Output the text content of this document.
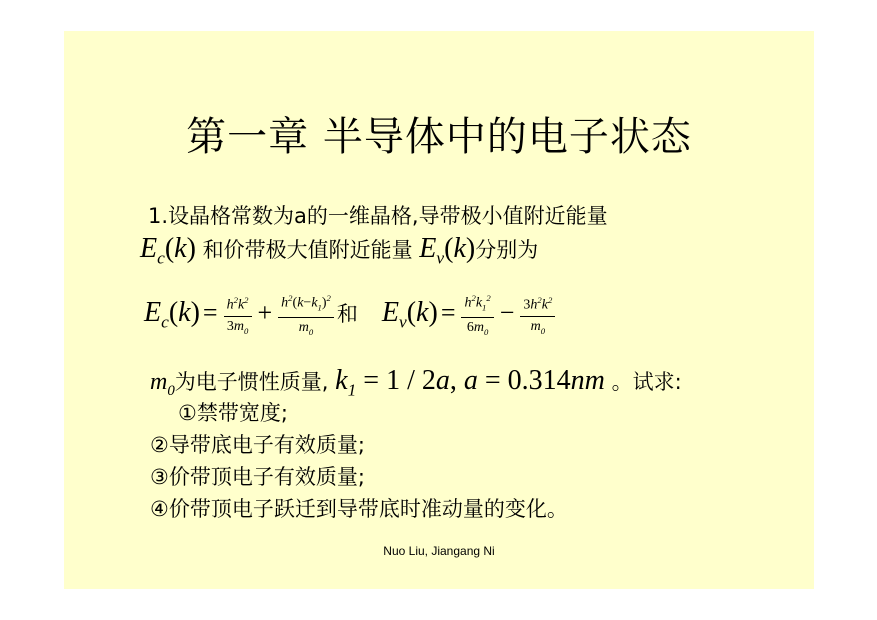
第一章 半导体中的电子状态
1.设晶格常数为a的一维晶格,导带极小值附近能量
$E_c(k)$ 和价带极大值附近能量 $E_v(k)$分别为
$E_c(k) = \frac{h^2k^2}{3m_0} + \frac{h^2(k-k_1)^2}{m_0}$ 和 $E_v(k) = \frac{h^2k_1^2}{6m_0} - \frac{3h^2k^2}{m_0}$
$m_0$为电子惯性质量, $k_1 = 1 / 2a$, a = 0.314nm 。试求:
①禁带宽度;
②导带底电子有效质量;
③价带顶电子有效质量;
④价带顶电子跃迁到导带底时准动量的变化。
Nuo Liu, Jiangang Ni
